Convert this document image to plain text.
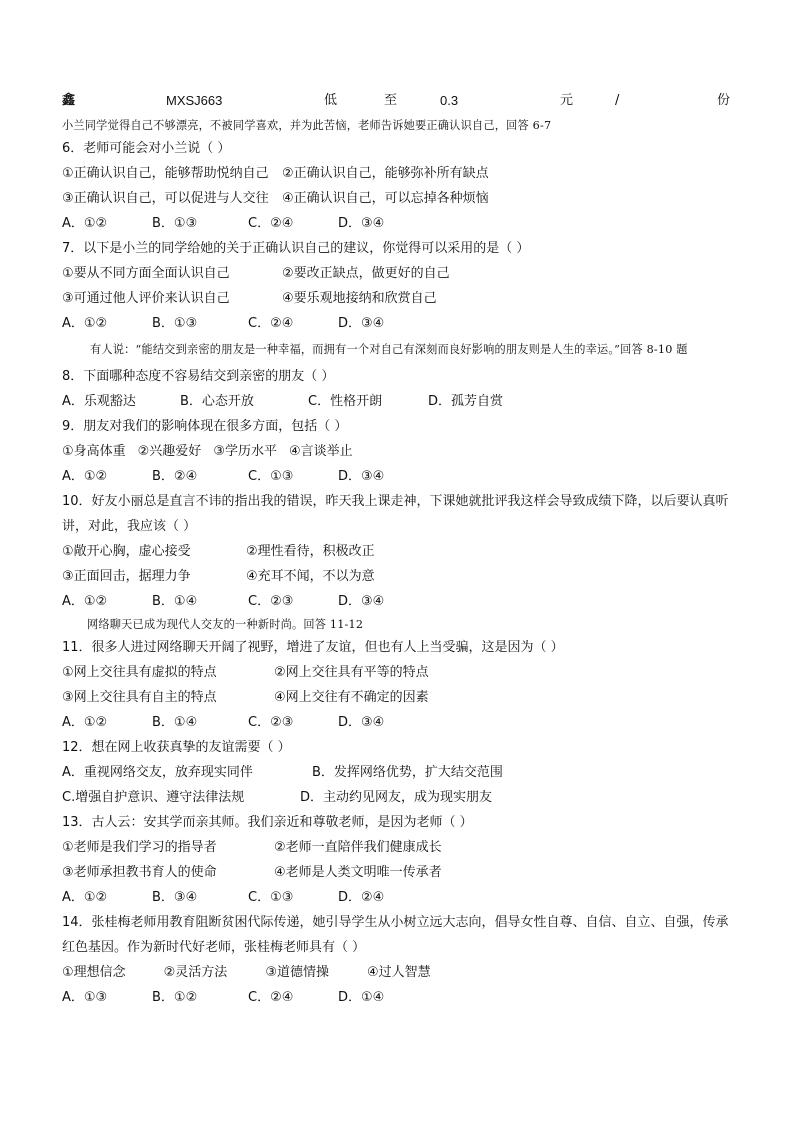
鑫	MXSJ663	低	至	0.3	元	/	份
小兰同学觉得自己不够漂亮，不被同学喜欢，并为此苦恼，老师告诉她要正确认识自己，回答 6-7
6．老师可能会对小兰说（ ）
①正确认识自己，能够帮助悦纳自己	②正确认识自己，能够弥补所有缺点
③正确认识自己，可以促进与人交往	④正确认识自己，可以忘掉各种烦恼
A．①②	B．①③	C．②④	D．③④
7．以下是小兰的同学给她的关于正确认识自己的建议，你觉得可以采用的是（ ）
①要从不同方面全面认识自己	②要改正缺点，做更好的自己
③可通过他人评价来认识自己	④要乐观地接纳和欣赏自己
A．①②	B．①③	C．②④	D．③④
有人说：“能结交到亲密的朋友是一种幸福，而拥有一个对自己有深刻而良好影响的朋友则是人生的幸运。”回答 8-10 题
8．下面哪种态度不容易结交到亲密的朋友（ ）
A．乐观豁达	B．心态开放	C．性格开朗	D．孤芳自赏
9．朋友对我们的影响体现在很多方面，包括（ ）
①身高体重 ②兴趣爱好 ③学历水平 ④言谈举止
A．①②	B．②④	C．①③	D．③④
10．好友小丽总是直言不讳的指出我的错误，昨天我上课走神，下课她就批评我这样会导致成绩下降，以后要认真听讲，对此，我应该（ ）
①敞开心胸，虚心接受	②理性看待，积极改正
③正面回击，据理力争	④充耳不闻，不以为意
A．①②	B．①④	C．②③	D．③④
网络聊天已成为现代人交友的一种新时尚。回答 11-12
11．很多人进过网络聊天开阔了视野，增进了友谊，但也有人上当受骗，这是因为（ ）
①网上交往具有虚拟的特点	②网上交往具有平等的特点
③网上交往具有自主的特点	④网上交往有不确定的因素
A．①②	B．①④	C．②③	D．③④
12．想在网上收获真挚的友谊需要（ ）
A．重视网络交友，放弃现实同伴	B．发挥网络优势，扩大结交范围
C.增强自护意识、遵守法律法规	D．主动约见网友，成为现实朋友
13．古人云：安其学而亲其师。我们亲近和尊敬老师，是因为老师（ ）
①老师是我们学习的指导者	②老师一直陪伴我们健康成长
③老师承担教书育人的使命	④老师是人类文明唯一传承者
A．①②	B．③④	C．①③	D．②④
14．张桂梅老师用教育阻断贫困代际传递，她引导学生从小树立远大志向，倡导女性自尊、自信、自立、自强，传承红色基因。作为新时代好老师，张桂梅老师具有（ ）
①理想信念	②灵活方法	③道德情操	④过人智慧
A．①③	B．①②	C．②④	D．①④
